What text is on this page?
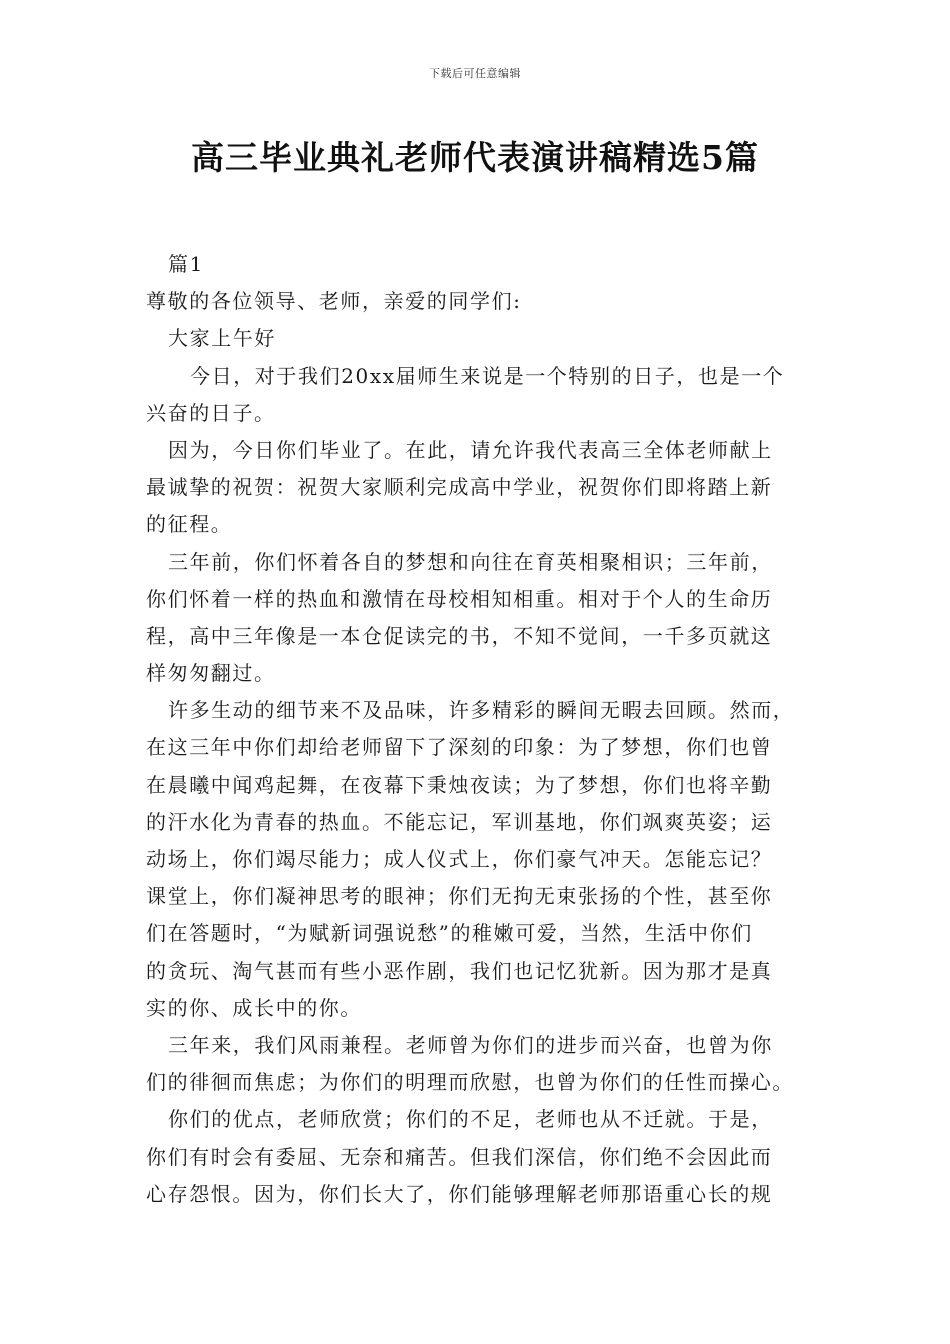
下载后可任意编辑
高三毕业典礼老师代表演讲稿精选5篇
篇1
尊敬的各位领导、老师，亲爱的同学们:
大家上午好
今日，对于我们20xx届师生来说是一个特别的日子，也是一个
兴奋的日子。
因为，今日你们毕业了。在此，请允许我代表高三全体老师献上
最诚挚的祝贺：祝贺大家顺利完成高中学业，祝贺你们即将踏上新
的征程。
三年前，你们怀着各自的梦想和向往在育英相聚相识；三年前，
你们怀着一样的热血和激情在母校相知相重。相对于个人的生命历
程，高中三年像是一本仓促读完的书，不知不觉间，一千多页就这
样匆匆翻过。
许多生动的细节来不及品味，许多精彩的瞬间无暇去回顾。然而，
在这三年中你们却给老师留下了深刻的印象：为了梦想，你们也曾
在晨曦中闻鸡起舞，在夜幕下秉烛夜读；为了梦想，你们也将辛勤
的汗水化为青春的热血。不能忘记，军训基地，你们飒爽英姿；运
动场上，你们竭尽能力；成人仪式上，你们豪气冲天。怎能忘记？
课堂上，你们凝神思考的眼神；你们无拘无束张扬的个性，甚至你
们在答题时，“为赋新词强说愁”的稚嫩可爱，当然，生活中你们
的贪玩、淘气甚而有些小恶作剧，我们也记忆犹新。因为那才是真
实的你、成长中的你。
三年来，我们风雨兼程。老师曾为你们的进步而兴奋，也曾为你
们的徘徊而焦虑；为你们的明理而欣慰，也曾为你们的任性而操心。
你们的优点，老师欣赏；你们的不足，老师也从不迁就。于是，
你们有时会有委屈、无奈和痛苦。但我们深信，你们绝不会因此而
心存怨恨。因为，你们长大了，你们能够理解老师那语重心长的规
